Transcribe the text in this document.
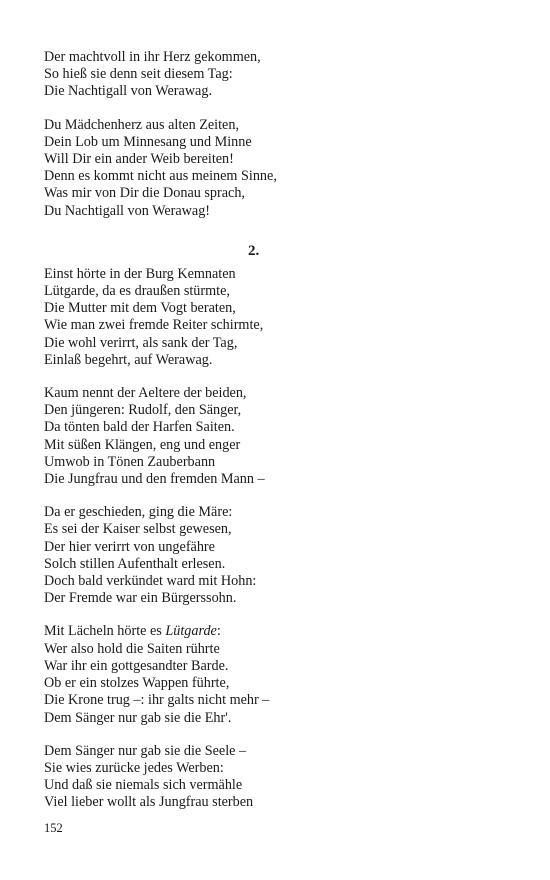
Der machtvoll in ihr Herz gekommen,
So hieß sie denn seit diesem Tag:
Die Nachtigall von Werawag.
Du Mädchenherz aus alten Zeiten,
Dein Lob um Minnesang und Minne
Will Dir ein ander Weib bereiten!
Denn es kommt nicht aus meinem Sinne,
Was mir von Dir die Donau sprach,
Du Nachtigall von Werawag!
2.
Einst hörte in der Burg Kemnaten
Lütgarde, da es draußen stürmte,
Die Mutter mit dem Vogt beraten,
Wie man zwei fremde Reiter schirmte,
Die wohl verirrt, als sank der Tag,
Einlaß begehrt, auf Werawag.
Kaum nennt der Aeltere der beiden,
Den jüngeren: Rudolf, den Sänger,
Da tönten bald der Harfen Saiten.
Mit süßen Klängen, eng und enger
Umwob in Tönen Zauberbann
Die Jungfrau und den fremden Mann –
Da er geschieden, ging die Märe:
Es sei der Kaiser selbst gewesen,
Der hier verirrt von ungefähre
Solch stillen Aufenthalt erlesen.
Doch bald verkündet ward mit Hohn:
Der Fremde war ein Bürgerssohn.
Mit Lächeln hörte es Lütgarde:
Wer also hold die Saiten rührte
War ihr ein gottgesandter Barde.
Ob er ein stolzes Wappen führte,
Die Krone trug –: ihr galts nicht mehr –
Dem Sänger nur gab sie die Ehr'.
Dem Sänger nur gab sie die Seele –
Sie wies zurücke jedes Werben:
Und daß sie niemals sich vermähle
Viel lieber wollt als Jungfrau sterben
152
